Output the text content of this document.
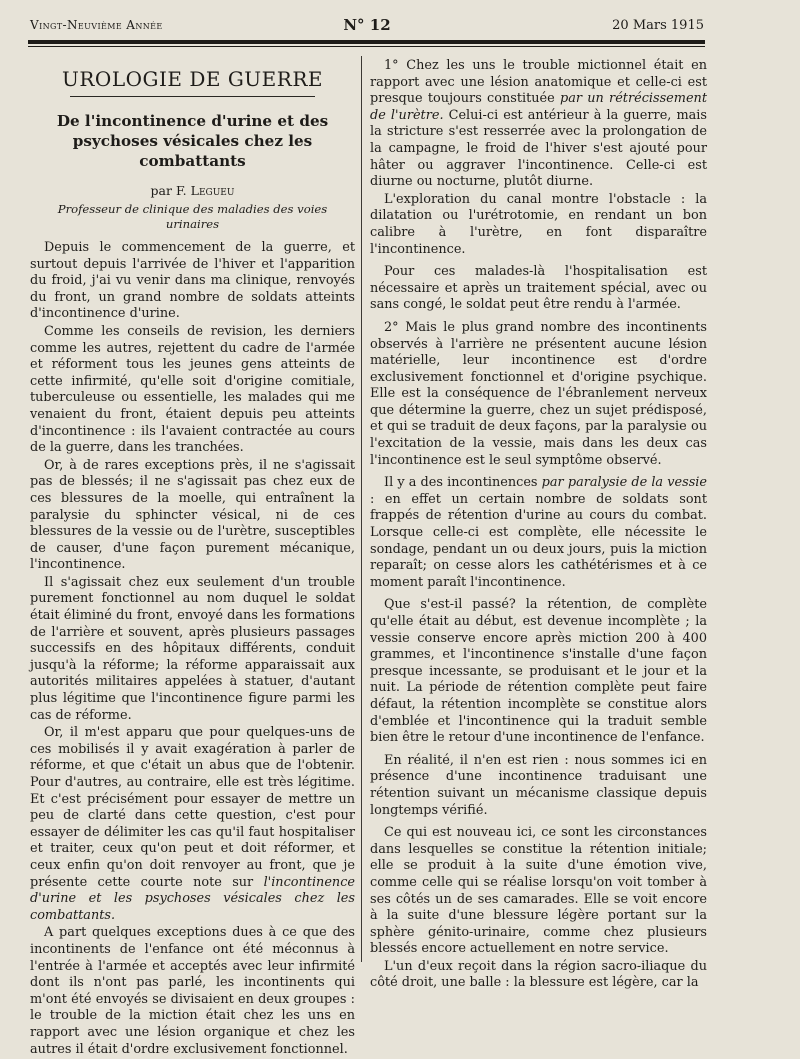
Vingt-Neuvième Année	N° 12	20 Mars 1915
UROLOGIE DE GUERRE
De l'incontinence d'urine et des psychoses vésicales chez les combattants
par F. Legueu
Professeur de clinique des maladies des voies urinaires

Depuis le commencement de la guerre, et surtout depuis l'arrivée de l'hiver et l'apparition du froid, j'ai vu venir dans ma clinique, renvoyés du front, un grand nombre de soldats atteints d'incontinence d'urine.

Comme les conseils de revision, les derniers comme les autres, rejettent du cadre de l'armée et réforment tous les jeunes gens atteints de cette infirmité, qu'elle soit d'origine comitiale, tuberculeuse ou essentielle, les malades qui me venaient du front, étaient depuis peu atteints d'incontinence : ils l'avaient contractée au cours de la guerre, dans les tranchées.

Or, à de rares exceptions près, il ne s'agissait pas de blessés; il ne s'agissait pas chez eux de ces blessures de la moelle, qui entraînent la paralysie du sphincter vésical, ni de ces blessures de la vessie ou de l'urètre, susceptibles de causer, d'une façon purement mécanique, l'incontinence.

Il s'agissait chez eux seulement d'un trouble purement fonctionnel au nom duquel le soldat était éliminé du front, envoyé dans les formations de l'arrière et souvent, après plusieurs passages successifs en des hôpitaux différents, conduit jusqu'à la réforme; la réforme apparaissait aux autorités militaires appelées à statuer, d'autant plus légitime que l'incontinence figure parmi les cas de réforme.

Or, il m'est apparu que pour quelques-uns de ces mobilisés il y avait exagération à parler de réforme, et que c'était un abus que de l'obtenir. Pour d'autres, au contraire, elle est très légitime. Et c'est précisément pour essayer de mettre un peu de clarté dans cette question, c'est pour essayer de délimiter les cas qu'il faut hospitaliser et traiter, ceux qu'on peut et doit réformer, et ceux enfin qu'on doit renvoyer au front, que je présente cette courte note sur l'incontinence d'urine et les psychoses vésicales chez les combattants.

A part quelques exceptions dues à ce que des incontinents de l'enfance ont été méconnus à l'entrée à l'armée et acceptés avec leur infirmité dont ils n'ont pas parlé, les incontinents qui m'ont été envoyés se divisaient en deux groupes : le trouble de la miction était chez les uns en rapport avec une lésion organique et chez les autres il était d'ordre exclusivement fonctionnel.

1° Chez les uns le trouble mictionnel était en rapport avec une lésion anatomique et celle-ci est presque toujours constituée par un rétrécissement de l'urètre. Celui-ci est antérieur à la guerre, mais la stricture s'est resserrée avec la prolongation de la campagne, le froid de l'hiver s'est ajouté pour hâter ou aggraver l'incontinence. Celle-ci est diurne ou nocturne, plutôt diurne.

L'exploration du canal montre l'obstacle : la dilatation ou l'urétrotomie, en rendant un bon calibre à l'urètre, en font disparaître l'incontinence.

Pour ces malades-là l'hospitalisation est nécessaire et après un traitement spécial, avec ou sans congé, le soldat peut être rendu à l'armée.

2° Mais le plus grand nombre des incontinents observés à l'arrière ne présentent aucune lésion matérielle, leur incontinence est d'ordre exclusivement fonctionnel et d'origine psychique. Elle est la conséquence de l'ébranlement nerveux que détermine la guerre, chez un sujet prédisposé, et qui se traduit de deux façons, par la paralysie ou l'excitation de la vessie, mais dans les deux cas l'incontinence est le seul symptôme observé.

Il y a des incontinences par paralysie de la vessie : en effet un certain nombre de soldats sont frappés de rétention d'urine au cours du combat. Lorsque celle-ci est complète, elle nécessite le sondage, pendant un ou deux jours, puis la miction reparaît; on cesse alors les cathétérismes et à ce moment paraît l'incontinence.

Que s'est-il passé? la rétention, de complète qu'elle était au début, est devenue incomplète ; la vessie conserve encore après miction 200 à 400 grammes, et l'incontinence s'installe d'une façon presque incessante, se produisant et le jour et la nuit. La période de rétention complète peut faire défaut, la rétention incomplète se constitue alors d'emblée et l'incontinence qui la traduit semble bien être le retour d'une incontinence de l'enfance.

En réalité, il n'en est rien : nous sommes ici en présence d'une incontinence traduisant une rétention suivant un mécanisme classique depuis longtemps vérifié.

Ce qui est nouveau ici, ce sont les circonstances dans lesquelles se constitue la rétention initiale; elle se produit à la suite d'une émotion vive, comme celle qui se réalise lorsqu'on voit tomber à ses côtés un de ses camarades. Elle se voit encore à la suite d'une blessure légère portant sur la sphère génito-urinaire, comme chez plusieurs blessés encore actuellement en notre service.

L'un d'eux reçoit dans la région sacro-iliaque du côté droit, une balle : la blessure est légère, car la
